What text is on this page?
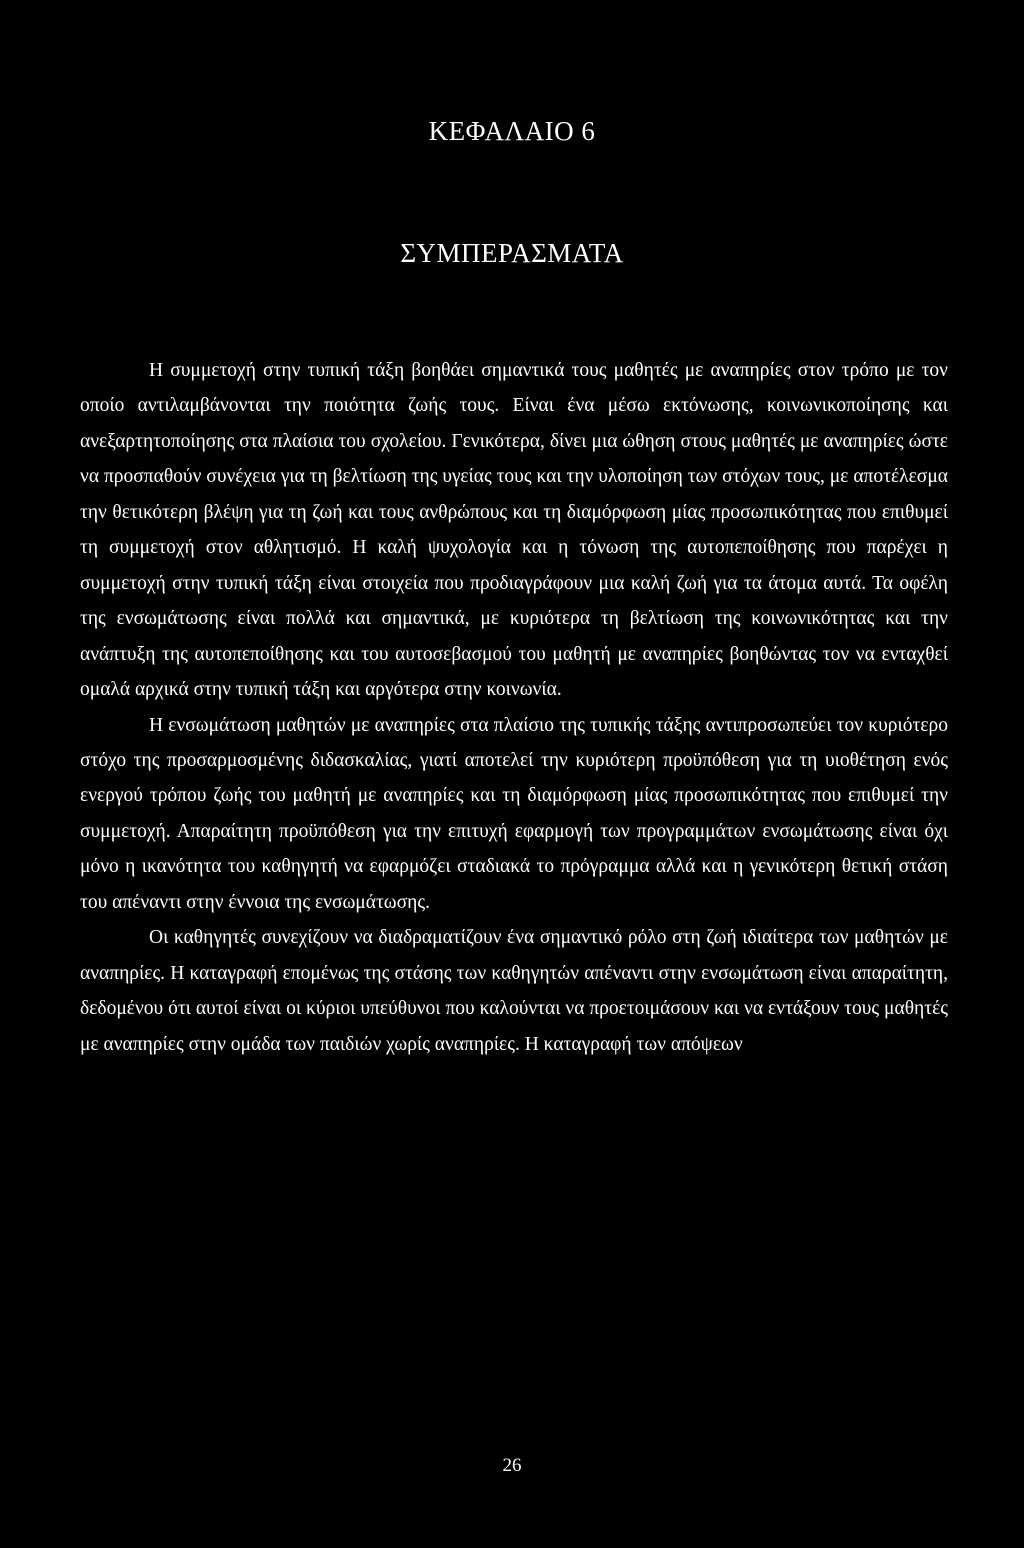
ΚΕΦΑΛΑΙΟ 6
ΣΥΜΠΕΡΑΣΜΑΤΑ

Η συμμετοχή στην τυπική τάξη βοηθάει σημαντικά τους μαθητές με αναπηρίες στον τρόπο με τον οποίο αντιλαμβάνονται την ποιότητα ζωής τους. Είναι ένα μέσω εκτόνωσης, κοινωνικοποίησης και ανεξαρτητοποίησης στα πλαίσια του σχολείου. Γενικότερα, δίνει μια ώθηση στους μαθητές με αναπηρίες ώστε να προσπαθούν συνέχεια για τη βελτίωση της υγείας τους και την υλοποίηση των στόχων τους, με αποτέλεσμα την θετικότερη βλέψη για τη ζωή και τους ανθρώπους και τη διαμόρφωση μίας προσωπικότητας που επιθυμεί τη συμμετοχή στον αθλητισμό. Η καλή ψυχολογία και η τόνωση της αυτοπεποίθησης που παρέχει η συμμετοχή στην τυπική τάξη είναι στοιχεία που προδιαγράφουν μια καλή ζωή για τα άτομα αυτά. Τα οφέλη της ενσωμάτωσης είναι πολλά και σημαντικά, με κυριότερα τη βελτίωση της κοινωνικότητας και την ανάπτυξη της αυτοπεποίθησης και του αυτοσεβασμού του μαθητή με αναπηρίες βοηθώντας τον να ενταχθεί ομαλά αρχικά στην τυπική τάξη και αργότερα στην κοινωνία.

Η ενσωμάτωση μαθητών με αναπηρίες στα πλαίσιο της τυπικής τάξης αντιπροσωπεύει τον κυριότερο στόχο της προσαρμοσμένης διδασκαλίας, γιατί αποτελεί την κυριότερη προϋπόθεση για τη υιοθέτηση ενός ενεργού τρόπου ζωής του μαθητή με αναπηρίες και τη διαμόρφωση μίας προσωπικότητας που επιθυμεί την συμμετοχή. Απαραίτητη προϋπόθεση για την επιτυχή εφαρμογή των προγραμμάτων ενσωμάτωσης είναι όχι μόνο η ικανότητα του καθηγητή να εφαρμόζει σταδιακά το πρόγραμμα αλλά και η γενικότερη θετική στάση του απέναντι στην έννοια της ενσωμάτωσης.

Οι καθηγητές συνεχίζουν να διαδραματίζουν ένα σημαντικό ρόλο στη ζωή ιδιαίτερα των μαθητών με αναπηρίες. Η καταγραφή επομένως της στάσης των καθηγητών απέναντι στην ενσωμάτωση είναι απαραίτητη, δεδομένου ότι αυτοί είναι οι κύριοι υπεύθυνοι που καλούνται να προετοιμάσουν και να εντάξουν τους μαθητές με αναπηρίες στην ομάδα των παιδιών χωρίς αναπηρίες. Η καταγραφή των απόψεων

26
